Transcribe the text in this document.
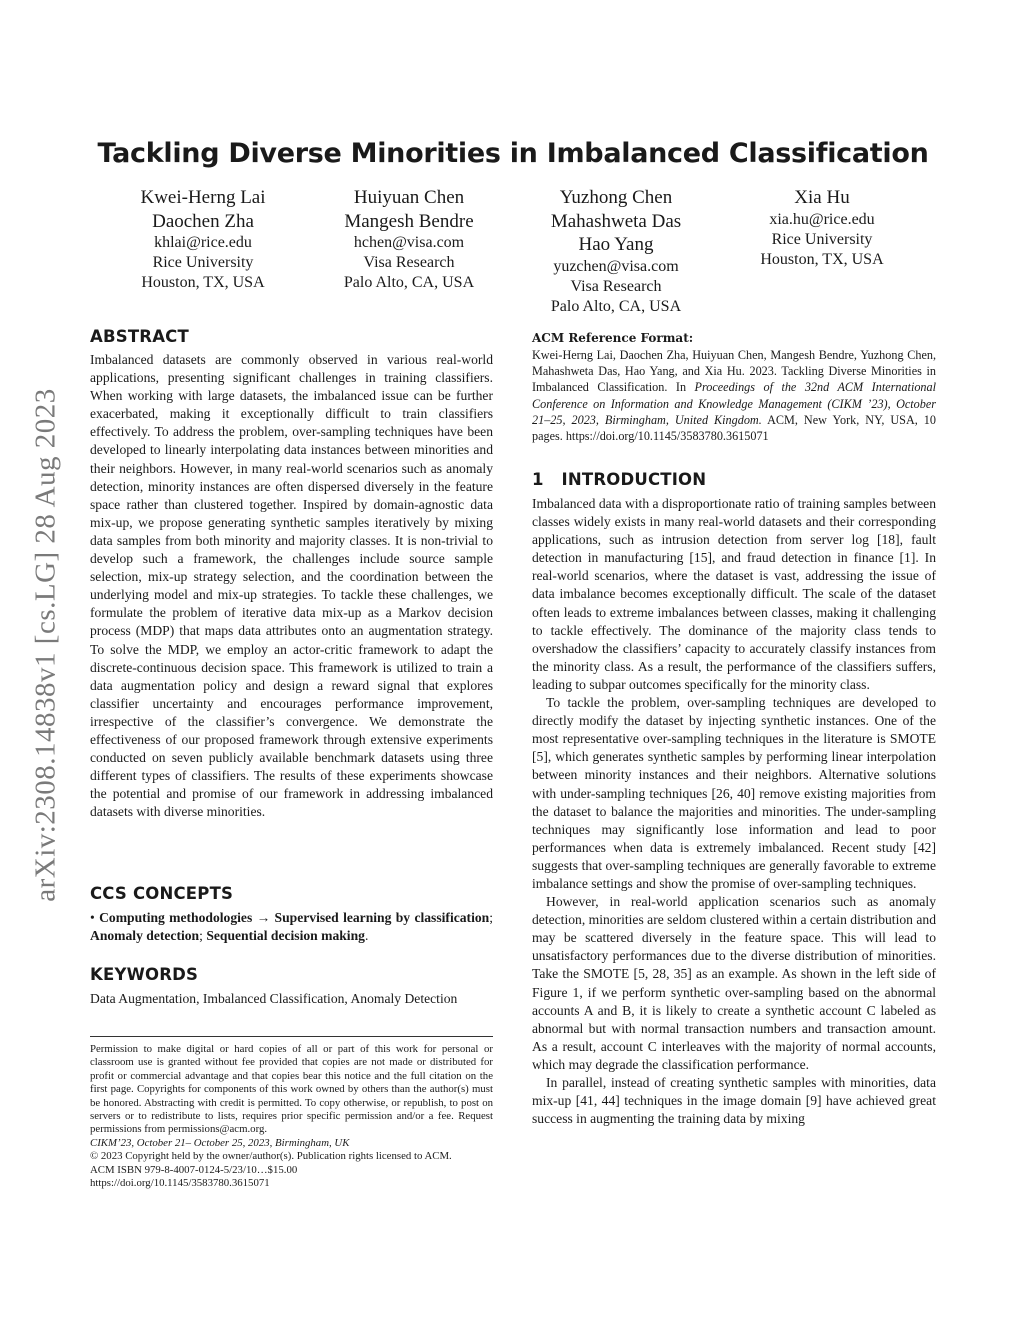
arXiv:2308.14838v1 [cs.LG] 28 Aug 2023
Tackling Diverse Minorities in Imbalanced Classification
Kwei-Herng Lai
Daochen Zha
khlai@rice.edu
Rice University
Houston, TX, USA
Huiyuan Chen
Mangesh Bendre
hchen@visa.com
Visa Research
Palo Alto, CA, USA
Yuzhong Chen
Mahashweta Das
Hao Yang
yuzchen@visa.com
Visa Research
Palo Alto, CA, USA
Xia Hu
xia.hu@rice.edu
Rice University
Houston, TX, USA
ABSTRACT

Imbalanced datasets are commonly observed in various real-world applications, presenting significant challenges in training classifiers. When working with large datasets, the imbalanced issue can be further exacerbated, making it exceptionally difficult to train classifiers effectively. To address the problem, over-sampling techniques have been developed to linearly interpolating data instances between minorities and their neighbors. However, in many real-world scenarios such as anomaly detection, minority instances are often dispersed diversely in the feature space rather than clustered together. Inspired by domain-agnostic data mix-up, we propose generating synthetic samples iteratively by mixing data samples from both minority and majority classes. It is non-trivial to develop such a framework, the challenges include source sample selection, mix-up strategy selection, and the coordination between the underlying model and mix-up strategies. To tackle these challenges, we formulate the problem of iterative data mix-up as a Markov decision process (MDP) that maps data attributes onto an augmentation strategy. To solve the MDP, we employ an actor-critic framework to adapt the discrete-continuous decision space. This framework is utilized to train a data augmentation policy and design a reward signal that explores classifier uncertainty and encourages performance improvement, irrespective of the classifier’s convergence. We demonstrate the effectiveness of our proposed framework through extensive experiments conducted on seven publicly available benchmark datasets using three different types of classifiers. The results of these experiments showcase the potential and promise of our framework in addressing imbalanced datasets with diverse minorities.

CCS CONCEPTS

• Computing methodologies → Supervised learning by classification; Anomaly detection; Sequential decision making.

KEYWORDS

Data Augmentation, Imbalanced Classification, Anomaly Detection

Permission to make digital or hard copies of all or part of this work for personal or classroom use is granted without fee provided that copies are not made or distributed for profit or commercial advantage and that copies bear this notice and the full citation on the first page. Copyrights for components of this work owned by others than the author(s) must be honored. Abstracting with credit is permitted. To copy otherwise, or republish, to post on servers or to redistribute to lists, requires prior specific permission and/or a fee. Request permissions from permissions@acm.org.

CIKM’23, October 21– October 25, 2023, Birmingham, UK

© 2023 Copyright held by the owner/author(s). Publication rights licensed to ACM.

ACM ISBN 979-8-4007-0124-5/23/10…$15.00

https://doi.org/10.1145/3583780.3615071

ACM Reference Format:

Kwei-Herng Lai, Daochen Zha, Huiyuan Chen, Mangesh Bendre, Yuzhong Chen, Mahashweta Das, Hao Yang, and Xia Hu. 2023. Tackling Diverse Minorities in Imbalanced Classification. In Proceedings of the 32nd ACM International Conference on Information and Knowledge Management (CIKM ’23), October 21–25, 2023, Birmingham, United Kingdom. ACM, New York, NY, USA, 10 pages. https://doi.org/10.1145/3583780.3615071

1   INTRODUCTION

Imbalanced data with a disproportionate ratio of training samples between classes widely exists in many real-world datasets and their corresponding applications, such as intrusion detection from server log [18], fault detection in manufacturing [15], and fraud detection in finance [1]. In real-world scenarios, where the dataset is vast, addressing the issue of data imbalance becomes exceptionally difficult. The scale of the dataset often leads to extreme imbalances between classes, making it challenging to tackle effectively. The dominance of the majority class tends to overshadow the classifiers’ capacity to accurately classify instances from the minority class. As a result, the performance of the classifiers suffers, leading to subpar outcomes specifically for the minority class.

To tackle the problem, over-sampling techniques are developed to directly modify the dataset by injecting synthetic instances. One of the most representative over-sampling techniques in the literature is SMOTE [5], which generates synthetic samples by performing linear interpolation between minority instances and their neighbors. Alternative solutions with under-sampling techniques [26, 40] remove existing majorities from the dataset to balance the majorities and minorities. The under-sampling techniques may significantly lose information and lead to poor performances when data is extremely imbalanced. Recent study [42] suggests that over-sampling techniques are generally favorable to extreme imbalance settings and show the promise of over-sampling techniques.

However, in real-world application scenarios such as anomaly detection, minorities are seldom clustered within a certain distribution and may be scattered diversely in the feature space. This will lead to unsatisfactory performances due to the diverse distribution of minorities. Take the SMOTE [5, 28, 35] as an example. As shown in the left side of Figure 1, if we perform synthetic over-sampling based on the abnormal accounts A and B, it is likely to create a synthetic account C labeled as abnormal but with normal transaction numbers and transaction amount. As a result, account C interleaves with the majority of normal accounts, which may degrade the classification performance.

In parallel, instead of creating synthetic samples with minorities, data mix-up [41, 44] techniques in the image domain [9] have achieved great success in augmenting the training data by mixing
